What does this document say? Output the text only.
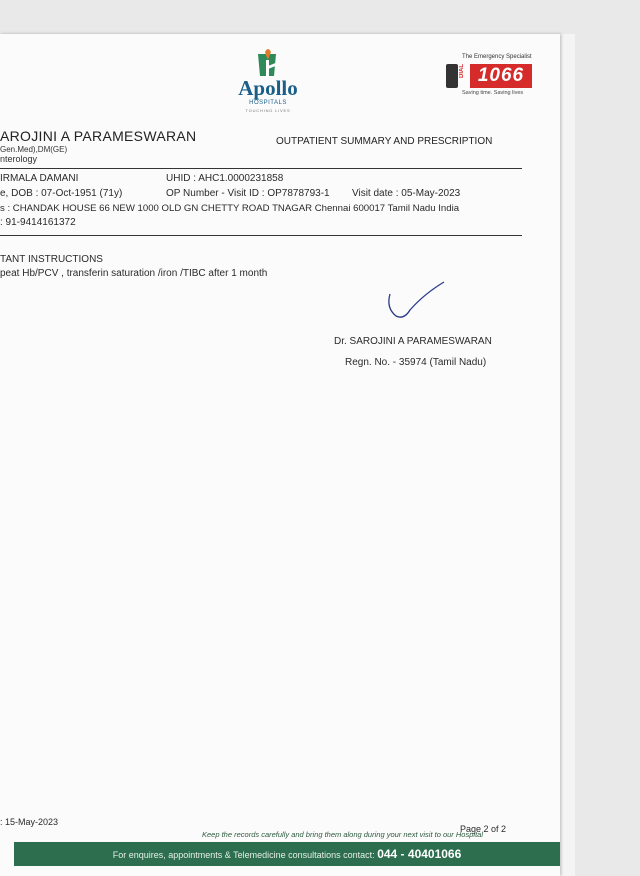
Apollo
HOSPITALS
TOUCHING LIVES
The Emergency Specialist
DIAL 1066
Saving time. Saving lives
AROJINI A PARAMESWARAN
Gen.Med),DM(GE)
nterology
OUTPATIENT SUMMARY AND PRESCRIPTION
IRMALA DAMANI	UHID : AHC1.0000231858
e, DOB : 07-Oct-1951 (71y)	OP Number - Visit ID : OP7878793-1 Visit date : 05-May-2023
s : CHANDAK HOUSE 66 NEW 1000 OLD GN CHETTY ROAD TNAGAR Chennai 600017 Tamil Nadu India
: 91-9414161372
TANT INSTRUCTIONS
peat Hb/PCV , transferin saturation /iron /TIBC after 1 month
Dr. SAROJINI A PARAMESWARAN
Regn. No. - 35974 (Tamil Nadu)
: 15-May-2023
Page 2 of 2
Keep the records carefully and bring them along during your next visit to our Hospital
For enquires, appointments & Telemedicine consultations contact: 044 - 40401066
